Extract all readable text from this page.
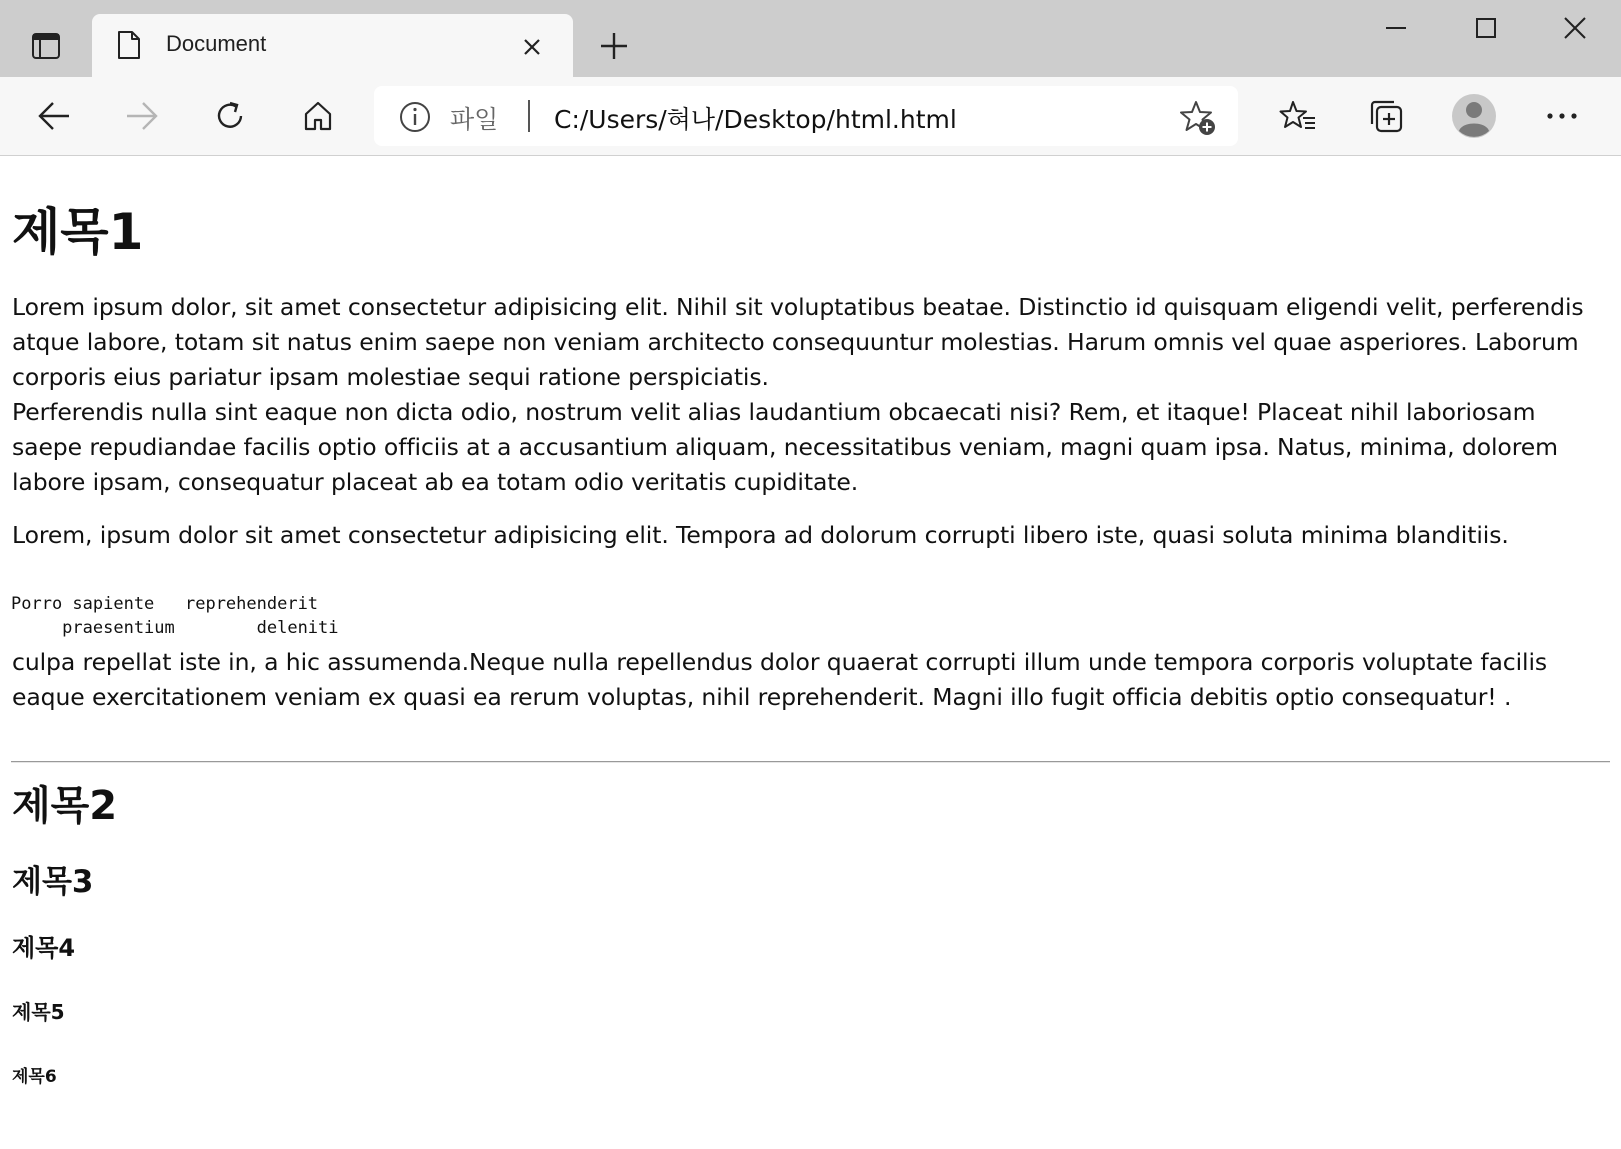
Document
파일 C:/Users/혀나/Desktop/html.html
제목1

Lorem ipsum dolor, sit amet consectetur adipisicing elit. Nihil sit voluptatibus beatae. Distinctio id quisquam eligendi velit, perferendis atque labore, totam sit natus enim saepe non veniam architecto consequuntur molestias. Harum omnis vel quae asperiores. Laborum corporis eius pariatur ipsam molestiae sequi ratione perspiciatis.
Perferendis nulla sint eaque non dicta odio, nostrum velit alias laudantium obcaecati nisi? Rem, et itaque! Placeat nihil laboriosam saepe repudiandae facilis optio officiis at a accusantium aliquam, necessitatibus veniam, magni quam ipsa. Natus, minima, dolorem labore ipsam, consequatur placeat ab ea totam odio veritatis cupiditate.

Lorem, ipsum dolor sit amet consectetur adipisicing elit. Tempora ad dolorum corrupti libero iste, quasi soluta minima blanditiis.

Porro sapiente   reprehenderit
praesentium        deleniti

culpa repellat iste in, a hic assumenda.Neque nulla repellendus dolor quaerat corrupti illum unde tempora corporis voluptate facilis eaque exercitationem veniam ex quasi ea rerum voluptas, nihil reprehenderit. Magni illo fugit officia debitis optio consequatur! .

제목2
제목3
제목4
제목5
제목6
